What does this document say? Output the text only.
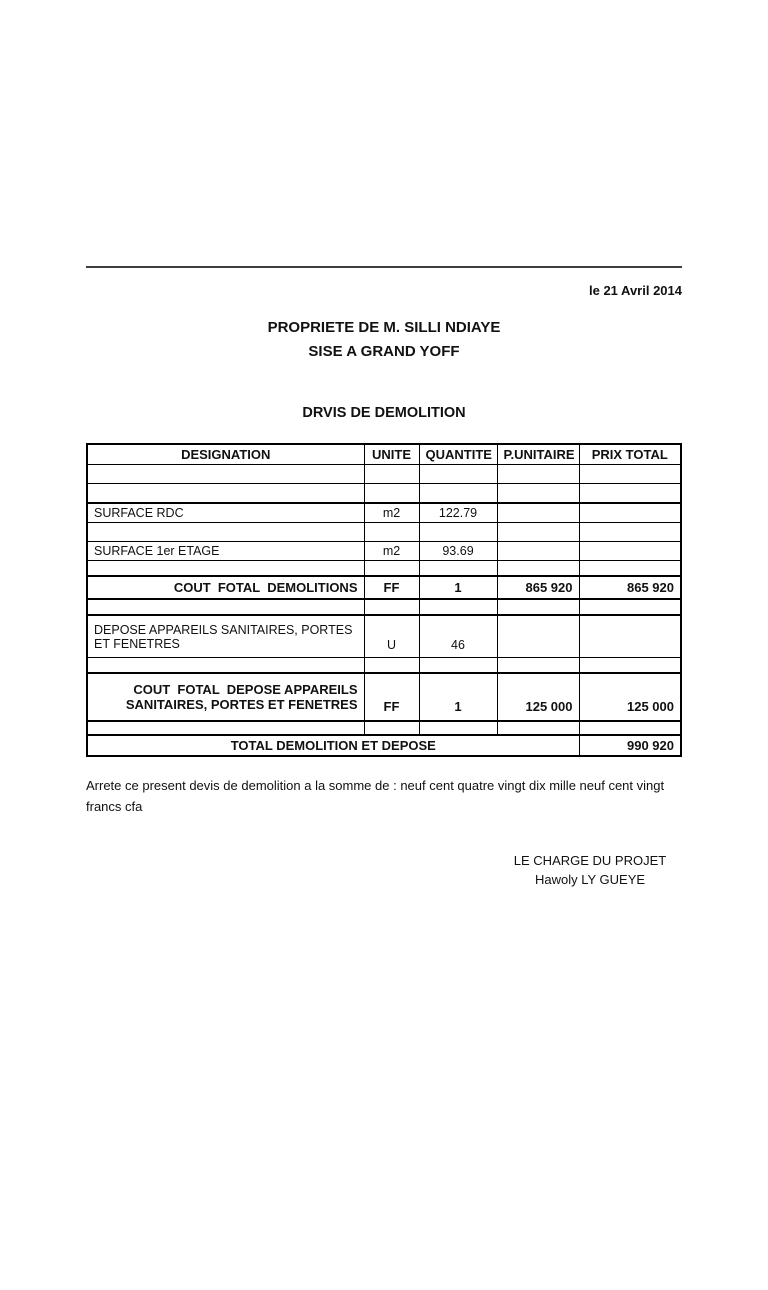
le 21 Avril 2014
PROPRIETE DE M. SILLI NDIAYE
SISE A GRAND YOFF
DRVIS DE DEMOLITION
DESIGNATION	UNITE	QUANTITE	P.UNITAIRE	PRIX TOTAL

SURFACE RDC	m2	122.79		

SURFACE 1er ETAGE	m2	93.69		

COUT  FOTAL  DEMOLITIONS	FF	1	865 920	865 920

DEPOSE APPAREILS SANITAIRES, PORTES ET FENETRES	U	46		

COUT  FOTAL  DEPOSE APPAREILS SANITAIRES, PORTES ET FENETRES	FF	1	125 000	125 000

TOTAL DEMOLITION ET DEPOSE				990 920

Arrete ce present devis de demolition a la somme de : neuf cent quatre vingt dix mille neuf cent vingt francs cfa

LE CHARGE DU PROJET
Hawoly LY GUEYE
